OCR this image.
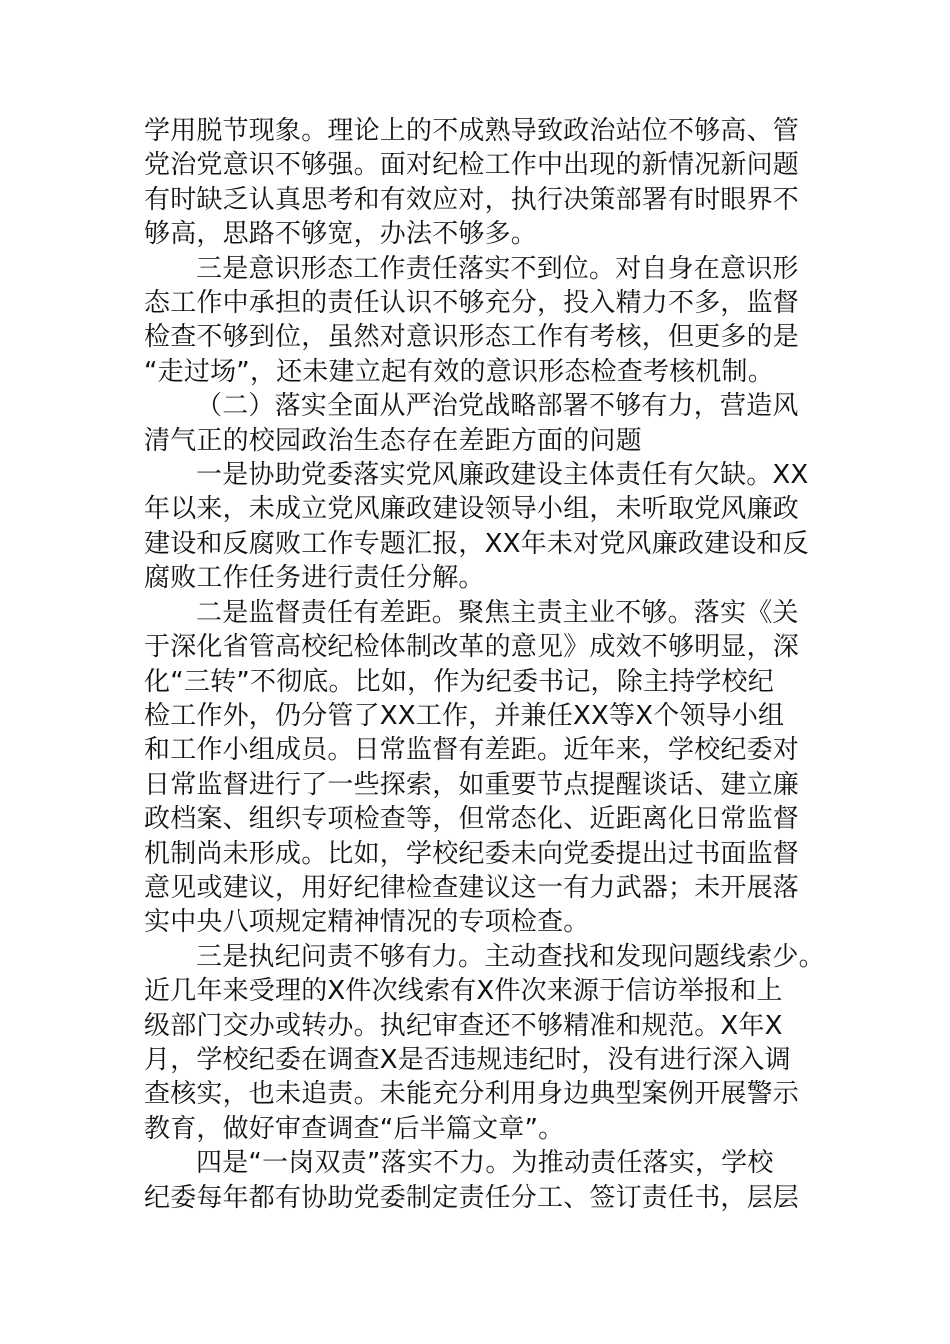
学用脱节现象。理论上的不成熟导致政治站位不够高、管
党治党意识不够强。面对纪检工作中出现的新情况新问题
有时缺乏认真思考和有效应对，执行决策部署有时眼界不
够高，思路不够宽，办法不够多。

三是意识形态工作责任落实不到位。对自身在意识形
态工作中承担的责任认识不够充分，投入精力不多，监督
检查不够到位，虽然对意识形态工作有考核，但更多的是
“走过场”，还未建立起有效的意识形态检查考核机制。

（二）落实全面从严治党战略部署不够有力，营造风
清气正的校园政治生态存在差距方面的问题

一是协助党委落实党风廉政建设主体责任有欠缺。XX
年以来，未成立党风廉政建设领导小组，未听取党风廉政
建设和反腐败工作专题汇报，XX年未对党风廉政建设和反
腐败工作任务进行责任分解。

二是监督责任有差距。聚焦主责主业不够。落实《关
于深化省管高校纪检体制改革的意见》成效不够明显，深
化“三转”不彻底。比如，作为纪委书记，除主持学校纪
检工作外，仍分管了XX工作，并兼任XX等X个领导小组
和工作小组成员。日常监督有差距。近年来，学校纪委对
日常监督进行了一些探索，如重要节点提醒谈话、建立廉
政档案、组织专项检查等，但常态化、近距离化日常监督
机制尚未形成。比如，学校纪委未向党委提出过书面监督
意见或建议，用好纪律检查建议这一有力武器；未开展落
实中央八项规定精神情况的专项检查。

三是执纪问责不够有力。主动查找和发现问题线索少。
近几年来受理的X件次线索有X件次来源于信访举报和上
级部门交办或转办。执纪审查还不够精准和规范。X年X
月，学校纪委在调查X是否违规违纪时，没有进行深入调
查核实，也未追责。未能充分利用身边典型案例开展警示
教育，做好审查调查“后半篇文章”。

四是“一岗双责”落实不力。为推动责任落实，学校
纪委每年都有协助党委制定责任分工、签订责任书，层层
